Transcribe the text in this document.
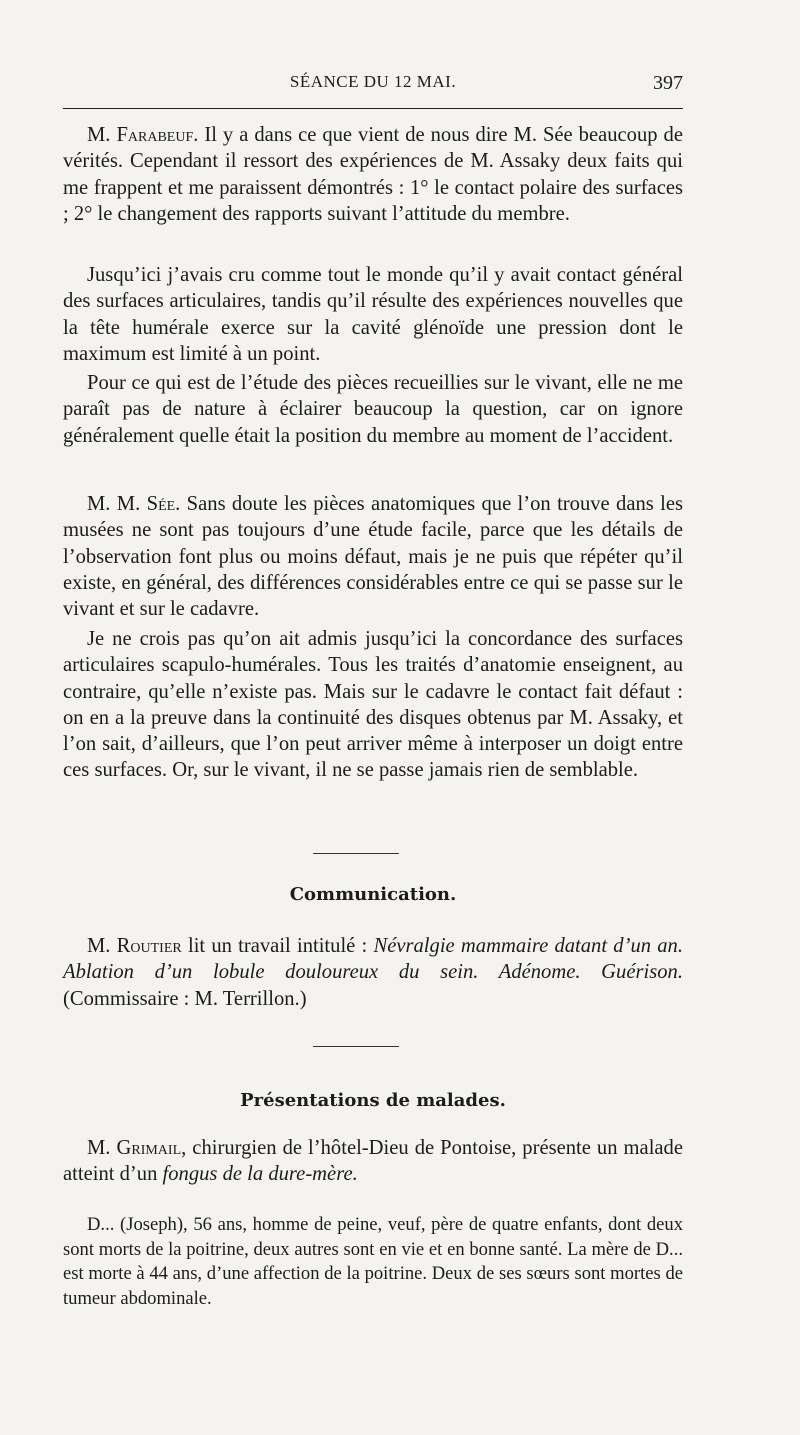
SÉANCE DU 12 MAI.	397

M. Farabeuf. Il y a dans ce que vient de nous dire M. Sée beaucoup de vérités. Cependant il ressort des expériences de M. Assaky deux faits qui me frappent et me paraissent démontrés : 1° le contact polaire des surfaces ; 2° le changement des rapports suivant l’attitude du membre.

Jusqu’ici j’avais cru comme tout le monde qu’il y avait contact général des surfaces articulaires, tandis qu’il résulte des expériences nouvelles que la tête humérale exerce sur la cavité glénoïde une pression dont le maximum est limité à un point.

Pour ce qui est de l’étude des pièces recueillies sur le vivant, elle ne me paraît pas de nature à éclairer beaucoup la question, car on ignore généralement quelle était la position du membre au moment de l’accident.

M. M. Sée. Sans doute les pièces anatomiques que l’on trouve dans les musées ne sont pas toujours d’une étude facile, parce que les détails de l’observation font plus ou moins défaut, mais je ne puis que répéter qu’il existe, en général, des différences considérables entre ce qui se passe sur le vivant et sur le cadavre.

Je ne crois pas qu’on ait admis jusqu’ici la concordance des surfaces articulaires scapulo-humérales. Tous les traités d’anatomie enseignent, au contraire, qu’elle n’existe pas. Mais sur le cadavre le contact fait défaut : on en a la preuve dans la continuité des disques obtenus par M. Assaky, et l’on sait, d’ailleurs, que l’on peut arriver même à interposer un doigt entre ces surfaces. Or, sur le vivant, il ne se passe jamais rien de semblable.

Communication.

M. Routier lit un travail intitulé : Névralgie mammaire datant d’un an. Ablation d’un lobule douloureux du sein. Adénome. Guérison. (Commissaire : M. Terrillon.)

Présentations de malades.

M. Grimail, chirurgien de l’hôtel-Dieu de Pontoise, présente un malade atteint d’un fongus de la dure-mère.

D... (Joseph), 56 ans, homme de peine, veuf, père de quatre enfants, dont deux sont morts de la poitrine, deux autres sont en vie et en bonne santé. La mère de D... est morte à 44 ans, d’une affection de la poitrine. Deux de ses sœurs sont mortes de tumeur abdominale.
